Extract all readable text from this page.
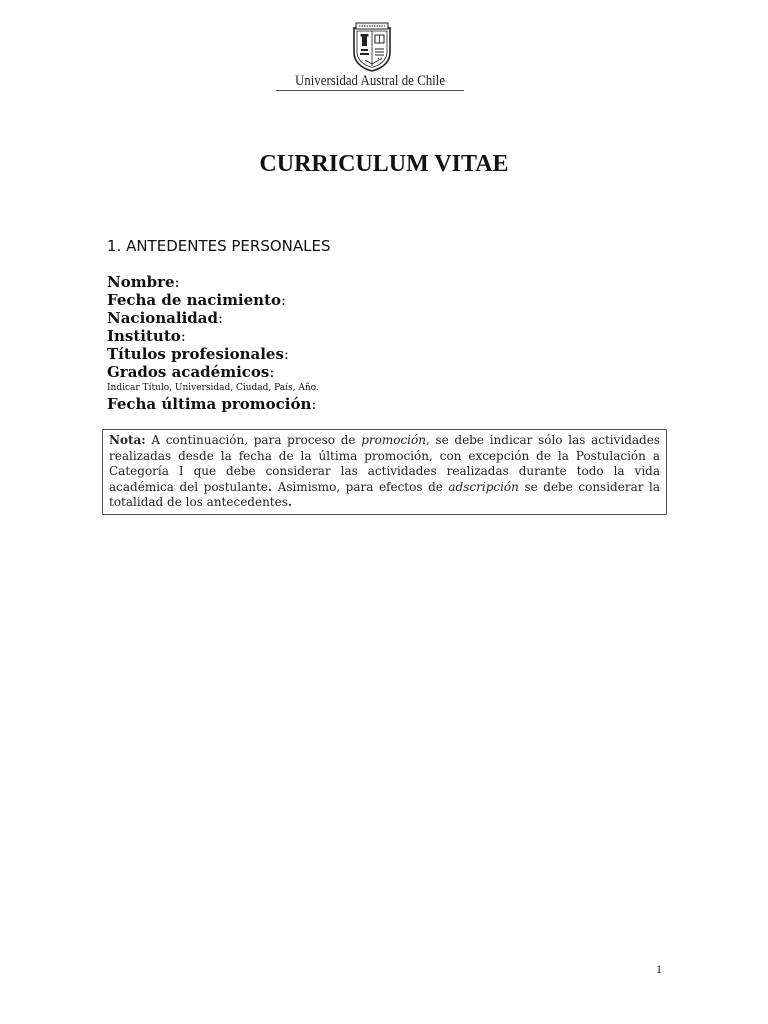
Universidad Austral de Chile
CURRICULUM VITAE
1. ANTEDENTES PERSONALES
Nombre:
Fecha de nacimiento:
Nacionalidad:
Instituto:
Títulos profesionales:
Grados académicos:
Indicar Título, Universidad, Ciudad, País, Año.
Fecha última promoción:
Nota: A continuación, para proceso de promoción, se debe indicar sólo las actividades realizadas desde la fecha de la última promoción, con excepción de la Postulación a Categoría I que debe considerar las actividades realizadas durante todo la vida académica del postulante. Asimismo, para efectos de adscripción se debe considerar la totalidad de los antecedentes.
1
